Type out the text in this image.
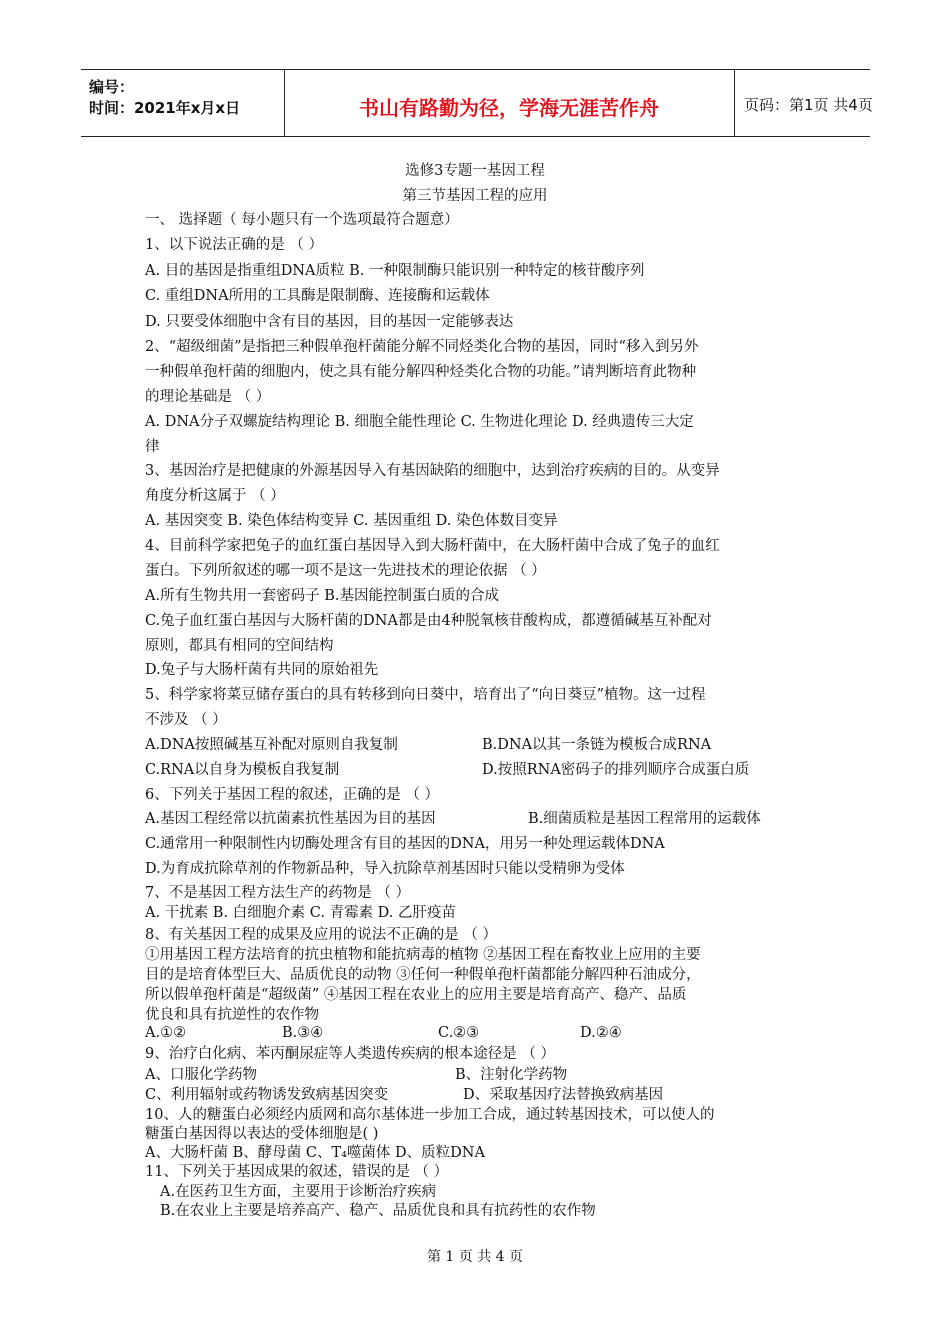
编号：
时间：2021年x月x日	书山有路勤为径，学海无涯苦作舟	页码：第1页 共4页
选修3专题一基因工程
第三节基因工程的应用
一、 选择题（ 每小题只有一个选项最符合题意）
1、以下说法正确的是 （ ）
A. 目的基因是指重组DNA质粒 B. 一种限制酶只能识别一种特定的核苷酸序列
C. 重组DNA所用的工具酶是限制酶、连接酶和运载体
D. 只要受体细胞中含有目的基因，目的基因一定能够表达
2、“超级细菌”是指把三种假单孢杆菌能分解不同烃类化合物的基因，同时“移入到另外
一种假单孢杆菌的细胞内，使之具有能分解四种烃类化合物的功能。”请判断培育此物种
的理论基础是 （ ）
A. DNA分子双螺旋结构理论 B. 细胞全能性理论 C. 生物进化理论 D. 经典遗传三大定
律
3、基因治疗是把健康的外源基因导入有基因缺陷的细胞中，达到治疗疾病的目的。从变异
角度分析这属于 （ ）
A. 基因突变 B. 染色体结构变异 C. 基因重组 D. 染色体数目变异
4、目前科学家把兔子的血红蛋白基因导入到大肠杆菌中，在大肠杆菌中合成了兔子的血红
蛋白。下列所叙述的哪一项不是这一先进技术的理论依据 （ ）
A.所有生物共用一套密码子 B.基因能控制蛋白质的合成
C.兔子血红蛋白基因与大肠杆菌的DNA都是由4种脱氧核苷酸构成，都遵循碱基互补配对
原则，都具有相同的空间结构
D.兔子与大肠杆菌有共同的原始祖先
5、科学家将菜豆储存蛋白的具有转移到向日葵中，培育出了“向日葵豆”植物。这一过程
不涉及 （ ）
A.DNA按照碱基互补配对原则自我复制	B.DNA以其一条链为模板合成RNA
C.RNA以自身为模板自我复制	D.按照RNA密码子的排列顺序合成蛋白质
6、下列关于基因工程的叙述，正确的是 （ ）
A.基因工程经常以抗菌素抗性基因为目的基因	B.细菌质粒是基因工程常用的运载体
C.通常用一种限制性内切酶处理含有目的基因的DNA，用另一种处理运载体DNA
D.为育成抗除草剂的作物新品种，导入抗除草剂基因时只能以受精卵为受体
7、不是基因工程方法生产的药物是 （ ）
A. 干扰素 B. 白细胞介素 C. 青霉素 D. 乙肝疫苗
8、有关基因工程的成果及应用的说法不正确的是 （ ）
①用基因工程方法培育的抗虫植物和能抗病毒的植物 ②基因工程在畜牧业上应用的主要
目的是培育体型巨大、品质优良的动物 ③任何一种假单孢杆菌都能分解四种石油成分，
所以假单孢杆菌是“超级菌” ④基因工程在农业上的应用主要是培育高产、稳产、品质
优良和具有抗逆性的农作物
A.①②	B.③④	C.②③	D.②④
9、治疗白化病、苯丙酮尿症等人类遗传疾病的根本途径是 （ ）
A、口服化学药物	B、注射化学药物
C、利用辐射或药物诱发致病基因突变	D、采取基因疗法替换致病基因
10、人的糖蛋白必须经内质网和高尔基体进一步加工合成，通过转基因技术，可以使人的
糖蛋白基因得以表达的受体细胞是( )
A、大肠杆菌 B、酵母菌 C、T₄噬菌体 D、质粒DNA
11、下列关于基因成果的叙述，错误的是 （ ）
A.在医药卫生方面，主要用于诊断治疗疾病
B.在农业上主要是培养高产、稳产、品质优良和具有抗药性的农作物
第 1 页 共 4 页
